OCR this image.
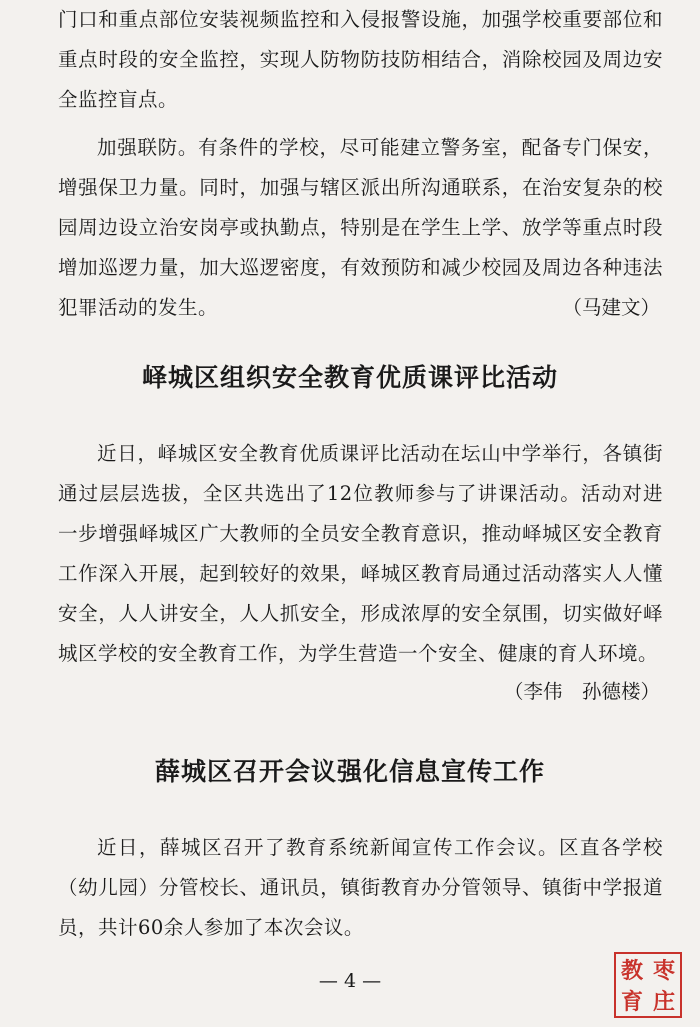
门口和重点部位安装视频监控和入侵报警设施，加强学校重要部位和重点时段的安全监控，实现人防物防技防相结合，消除校园及周边安全监控盲点。

加强联防。有条件的学校，尽可能建立警务室，配备专门保安，增强保卫力量。同时，加强与辖区派出所沟通联系，在治安复杂的校园周边设立治安岗亭或执勤点，特别是在学生上学、放学等重点时段增加巡逻力量，加大巡逻密度，有效预防和减少校园及周边各种违法犯罪活动的发生。	（马建文）

峄城区组织安全教育优质课评比活动

近日，峄城区安全教育优质课评比活动在坛山中学举行，各镇街通过层层选拔，全区共选出了12位教师参与了讲课活动。活动对进一步增强峄城区广大教师的全员安全教育意识，推动峄城区安全教育工作深入开展，起到较好的效果，峄城区教育局通过活动落实人人懂安全，人人讲安全，人人抓安全，形成浓厚的安全氛围，切实做好峄城区学校的安全教育工作，为学生营造一个安全、健康的育人环境。

（李伟　孙德楼）

薛城区召开会议强化信息宣传工作

近日，薛城区召开了教育系统新闻宣传工作会议。区直各学校（幼儿园）分管校长、通讯员，镇街教育办分管领导、镇街中学报道员，共计60余人参加了本次会议。

— 4 —	教 枣
育 庄
